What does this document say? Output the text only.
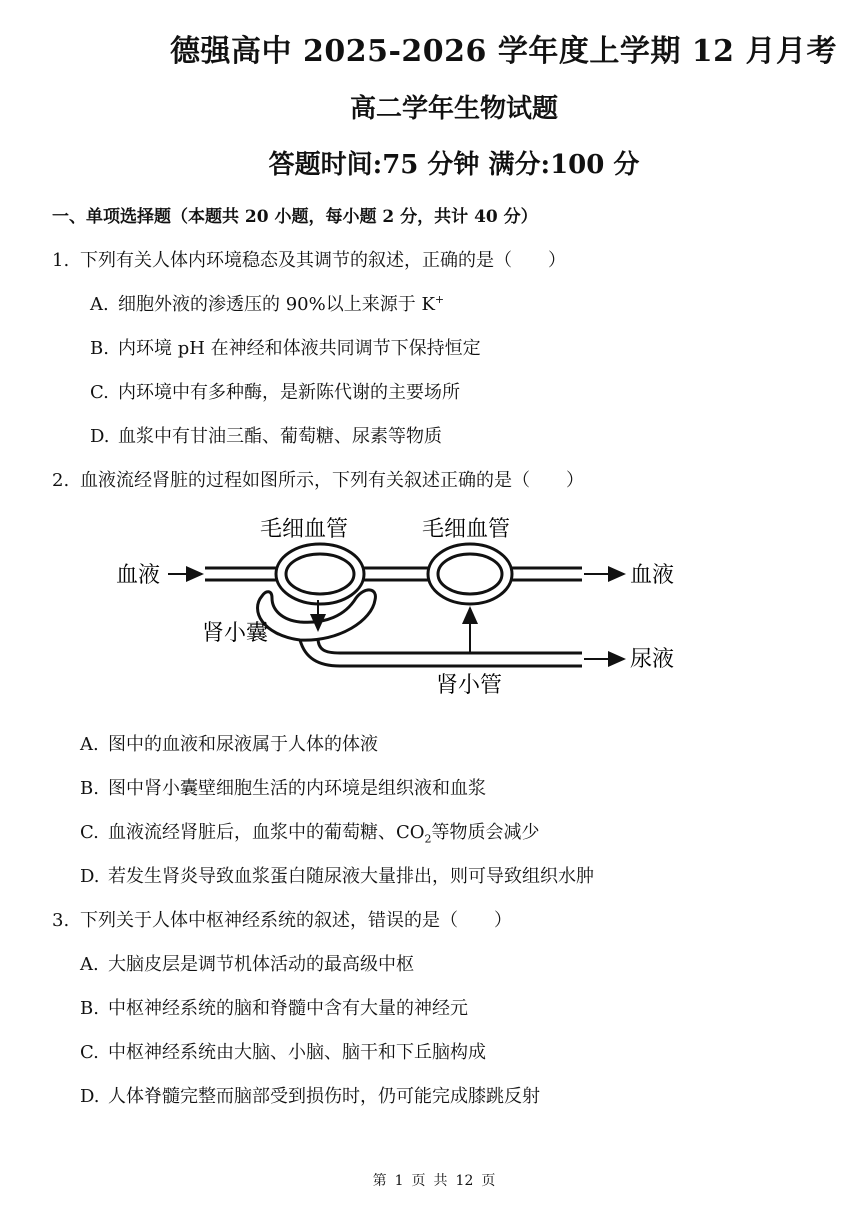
德强高中 2025-2026 学年度上学期 12 月月考
高二学年生物试题
答题时间:75 分钟 满分:100 分
一、单项选择题（本题共 20 小题，每小题 2 分，共计 40 分）
1. 下列有关人体内环境稳态及其调节的叙述，正确的是（　　）
A. 细胞外液的渗透压的 90%以上来源于 K+
B. 内环境 pH 在神经和体液共同调节下保持恒定
C. 内环境中有多种酶，是新陈代谢的主要场所
D. 血浆中有甘油三酯、葡萄糖、尿素等物质
2. 血液流经肾脏的过程如图所示，下列有关叙述正确的是（　　）
毛细血管	毛细血管
血液	血液
肾小囊
尿液
肾小管
A. 图中的血液和尿液属于人体的体液
B. 图中肾小囊壁细胞生活的内环境是组织液和血浆
C. 血液流经肾脏后，血浆中的葡萄糖、$CO_2$等物质会减少
D. 若发生肾炎导致血浆蛋白随尿液大量排出，则可导致组织水肿
3. 下列关于人体中枢神经系统的叙述，错误的是（　　）
A. 大脑皮层是调节机体活动的最高级中枢
B. 中枢神经系统的脑和脊髓中含有大量的神经元
C. 中枢神经系统由大脑、小脑、脑干和下丘脑构成
D. 人体脊髓完整而脑部受到损伤时，仍可能完成膝跳反射
第 1 页 共 12 页
